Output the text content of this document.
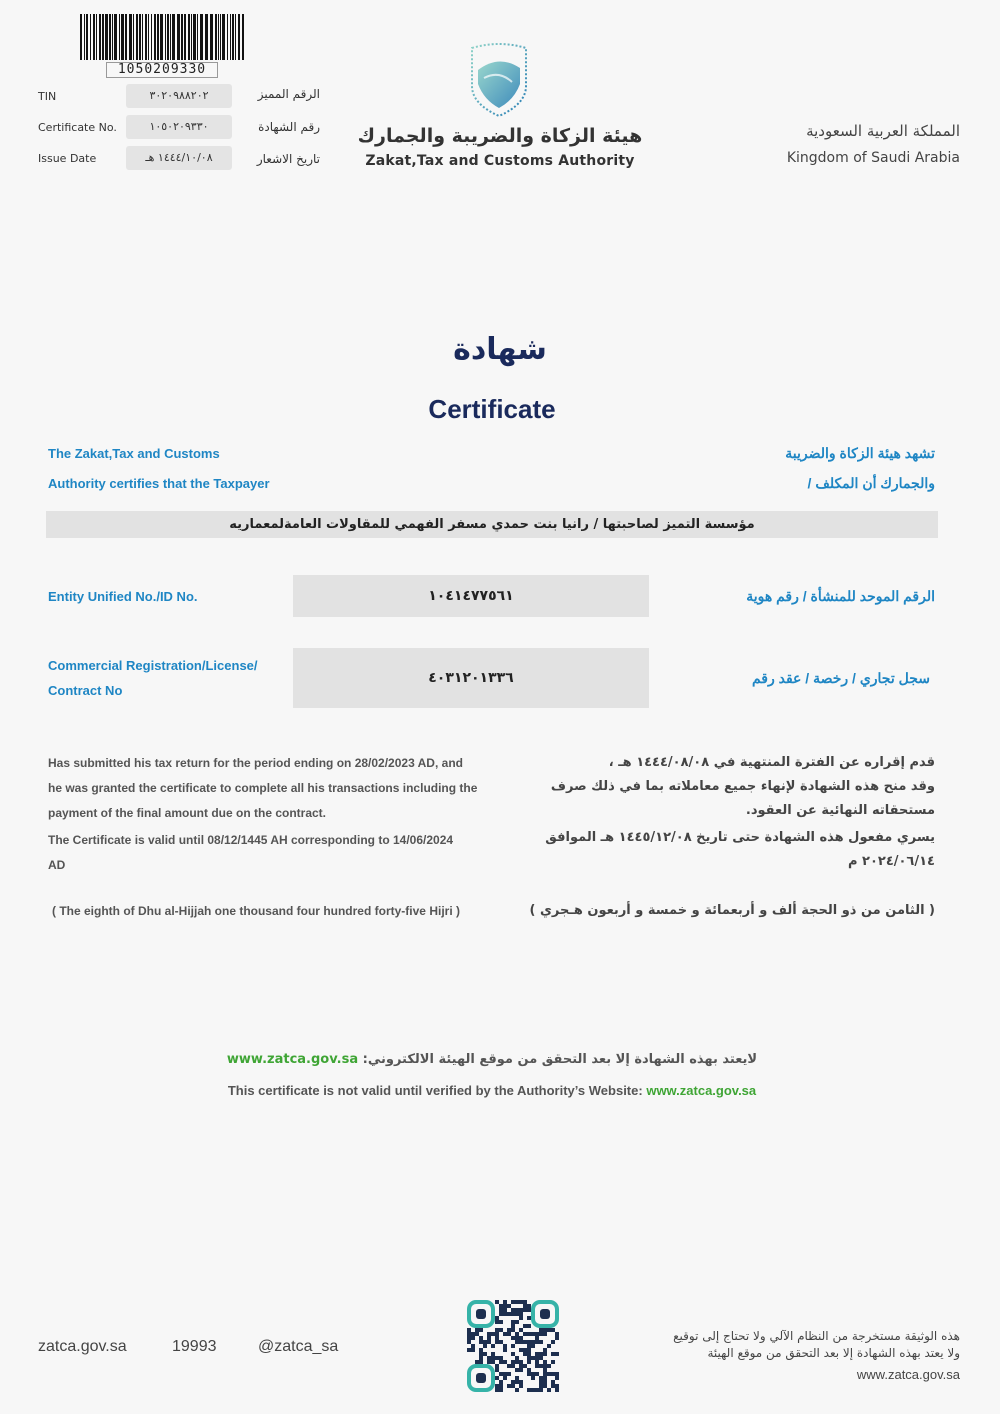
1050209330
TIN	٣٠٢٠٩٨٨٢٠٢	الرقم المميز
Certificate No.	١٠٥٠٢٠٩٣٣٠	رقم الشهادة
Issue Date	١٤٤٤/١٠/٠٨ هـ	تاريخ الاشعار
هيئة الزكاة والضريبة والجمارك
Zakat,Tax and Customs Authority
المملكة العربية السعودية
Kingdom of Saudi Arabia
شهادة
Certificate
The Zakat,Tax and Customs
Authority certifies that the Taxpayer
تشهد هيئة الزكاة والضريبة
والجمارك أن المكلف /
مؤسسة التميز لصاحبتها / رانيا بنت حمدي مسفر الفهمي للمقاولات العامةلمعماريه
Entity Unified No./ID No.	١٠٤١٤٧٧٥٦١	الرقم الموحد للمنشأة / رقم هوية
Commercial Registration/License/
Contract No
٤٠٣١٢٠١٣٣٦	سجل تجاري / رخصة / عقد رقم
Has submitted his tax return for the period ending on 28/02/2023 AD, and
he was granted the certificate to complete all his transactions including the
payment of the final amount due on the contract.
The Certificate is valid until 08/12/1445 AH corresponding to 14/06/2024
AD
( The eighth of Dhu al-Hijjah one thousand four hundred forty-five Hijri )
قدم إقراره عن الفترة المنتهية في ١٤٤٤/٠٨/٠٨ هـ ،
وقد منح هذه الشهادة لإنهاء جميع معاملاته بما في ذلك صرف
مستحقاته النهائية عن العقود.
يسري مفعول هذه الشهادة حتى تاريخ ١٤٤٥/١٢/٠٨ هـ الموافق
٢٠٢٤/٠٦/١٤ م
( الثامن من ذو الحجة ألف و أربعمائة و خمسة و أربعون هـجري )
لايعتد بهذه الشهادة إلا بعد التحقق من موقع الهيئة الالكتروني: www.zatca.gov.sa
This certificate is not valid until verified by the Authority’s Website: www.zatca.gov.sa
zatca.gov.sa	19993	@zatca_sa
هذه الوثيقة مستخرجة من النظام الآلي ولا تحتاج إلى توقيع
ولا يعتد بهذه الشهادة إلا بعد التحقق من موقع الهيئة
www.zatca.gov.sa
